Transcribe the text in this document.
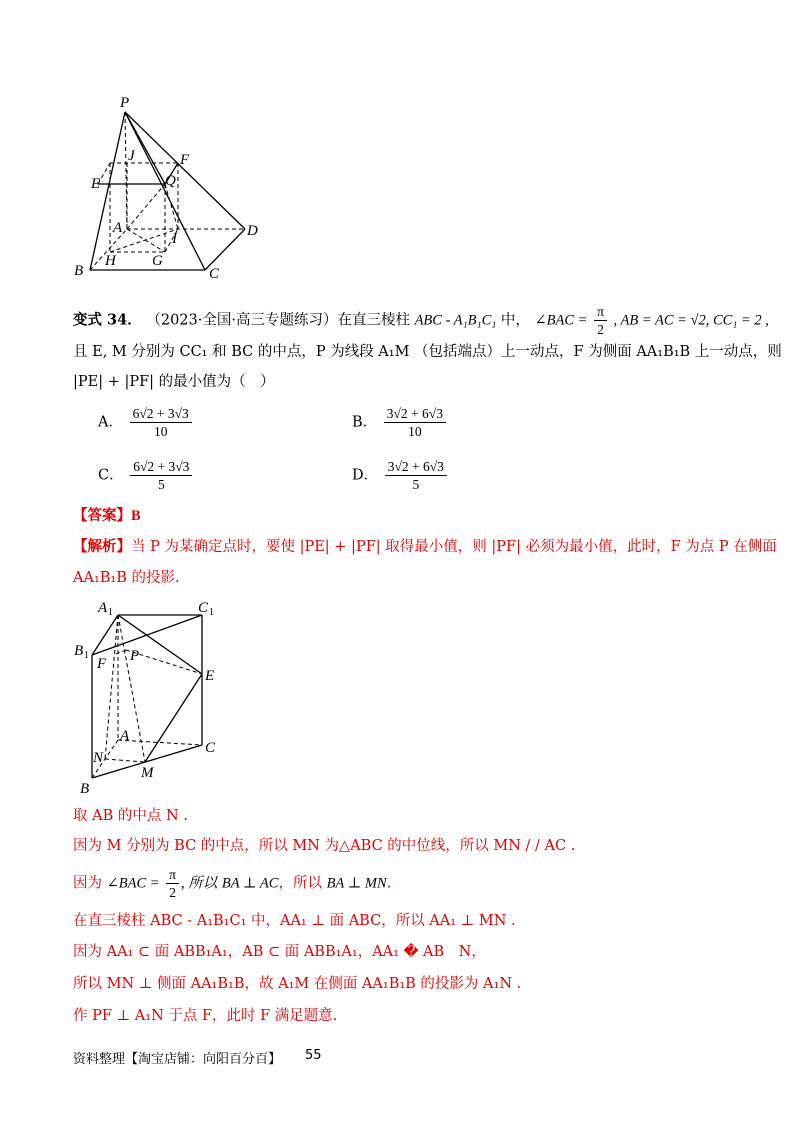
P
J	F
E	Q
A
I	D
B
H G
C
变式 34． （2023·全国·高三专题练习）在直三棱柱 ABC - A₁B₁C₁ 中， ∠BAC = $\frac{\pi}{2}$ , AB = AC = √2, CC₁ = 2 ,
且 E, M 分别为 CC₁ 和 BC 的中点，P 为线段 A₁M （包括端点）上一动点，F 为侧面 AA₁B₁B 上一动点，则
|PE| + |PF| 的最小值为（　）
A． $\frac{6√2 + 3√3}{10}$	B． $\frac{3√2 + 6√3}{10}$
C． $\frac{6√2 + 3√3}{5}$	D． $\frac{3√2 + 6√3}{5}$
【答案】B
【解析】当 P 为某确定点时，要使 |PE| + |PF| 取得最小值，则 |PF| 必须为最小值，此时，F 为点 P 在侧面
AA₁B₁B 的投影.
A 1	C 1
B 1
F P
E
A
C
N
M
B
取 AB 的中点 N .
因为 M 分别为 BC 的中点，所以 MN 为△ABC 的中位线，所以 MN / / AC .
因为 ∠BAC = $\frac{\pi}{2}$ , 所以 BA ⊥ AC，所以 BA ⊥ MN.
在直三棱柱 ABC - A₁B₁C₁ 中，AA₁ ⊥ 面 ABC，所以 AA₁ ⊥ MN .
因为 AA₁ ⊂ 面 ABB₁A₁，AB ⊂ 面 ABB₁A₁，AA₁ � AB　N，
所以 MN ⊥ 侧面 AA₁B₁B，故 A₁M 在侧面 AA₁B₁B 的投影为 A₁N .
作 PF ⊥ A₁N 于点 F，此时 F 满足题意.
资料整理【淘宝店铺：向阳百分百】 55
